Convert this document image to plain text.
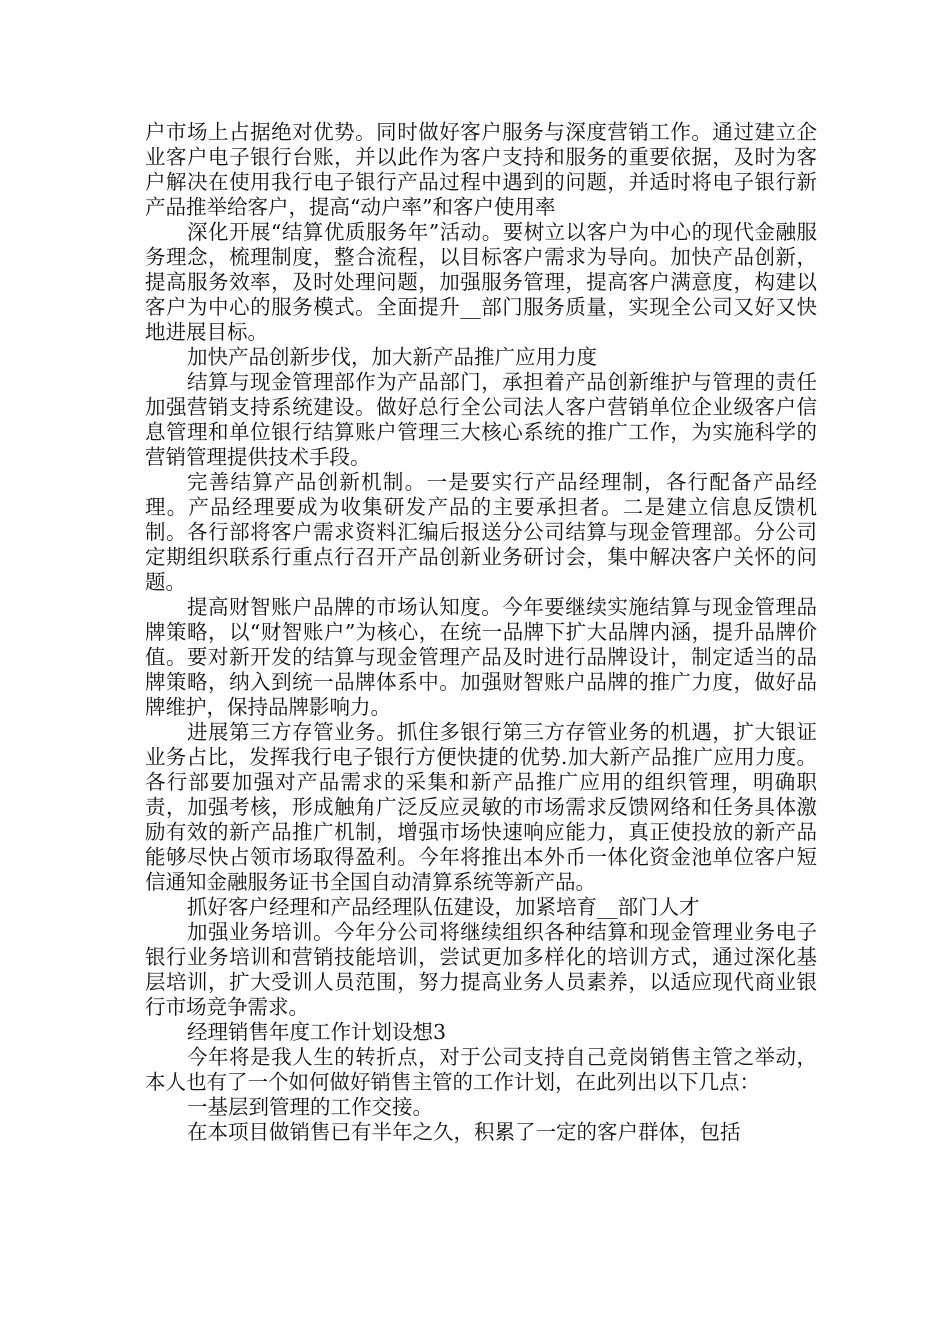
户市场上占据绝对优势。同时做好客户服务与深度营销工作。通过建立企业客户电子银行台账，并以此作为客户支持和服务的重要依据，及时为客户解决在使用我行电子银行产品过程中遇到的问题，并适时将电子银行新产品推举给客户，提高“动户率”和客户使用率

深化开展“结算优质服务年”活动。要树立以客户为中心的现代金融服务理念，梳理制度，整合流程，以目标客户需求为导向。加快产品创新，提高服务效率，及时处理问题，加强服务管理，提高客户满意度，构建以客户为中心的服务模式。全面提升__部门服务质量，实现全公司又好又快地进展目标。

加快产品创新步伐，加大新产品推广应用力度

结算与现金管理部作为产品部门，承担着产品创新维护与管理的责任加强营销支持系统建设。做好总行全公司法人客户营销单位企业级客户信息管理和单位银行结算账户管理三大核心系统的推广工作，为实施科学的营销管理提供技术手段。

完善结算产品创新机制。一是要实行产品经理制，各行配备产品经理。产品经理要成为收集研发产品的主要承担者。二是建立信息反馈机制。各行部将客户需求资料汇编后报送分公司结算与现金管理部。分公司定期组织联系行重点行召开产品创新业务研讨会，集中解决客户关怀的问题。

提高财智账户品牌的市场认知度。今年要继续实施结算与现金管理品牌策略，以“财智账户”为核心，在统一品牌下扩大品牌内涵，提升品牌价值。要对新开发的结算与现金管理产品及时进行品牌设计，制定适当的品牌策略，纳入到统一品牌体系中。加强财智账户品牌的推广力度，做好品牌维护，保持品牌影响力。

进展第三方存管业务。抓住多银行第三方存管业务的机遇，扩大银证业务占比，发挥我行电子银行方便快捷的优势.加大新产品推广应用力度。各行部要加强对产品需求的采集和新产品推广应用的组织管理，明确职责，加强考核，形成触角广泛反应灵敏的市场需求反馈网络和任务具体激励有效的新产品推广机制，增强市场快速响应能力，真正使投放的新产品能够尽快占领市场取得盈利。今年将推出本外币一体化资金池单位客户短信通知金融服务证书全国自动清算系统等新产品。

抓好客户经理和产品经理队伍建设，加紧培育__部门人才

加强业务培训。今年分公司将继续组织各种结算和现金管理业务电子银行业务培训和营销技能培训，尝试更加多样化的培训方式，通过深化基层培训，扩大受训人员范围，努力提高业务人员素养，以适应现代商业银行市场竞争需求。

经理销售年度工作计划设想3

今年将是我人生的转折点，对于公司支持自己竞岗销售主管之举动，本人也有了一个如何做好销售主管的工作计划，在此列出以下几点：

一基层到管理的工作交接。

在本项目做销售已有半年之久，积累了一定的客户群体，包括
